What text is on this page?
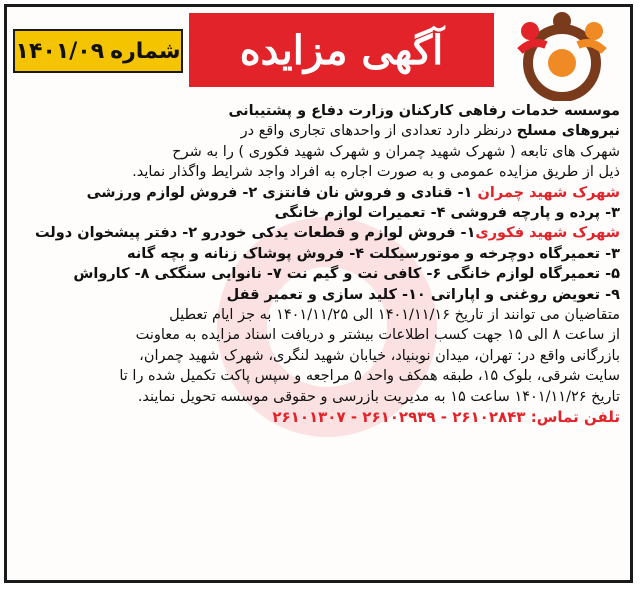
شماره
۱۴۰۱/۰۹	آگهی مزایده

موسسه خدمات رفاهی کارکنان وزارت دفاع و پشتیبانی

نیروهای مسلح درنظر دارد تعدادی از واحدهای تجاری واقع در

شهرک های تابعه ( شهرک شهید چمران و شهرک شهید فکوری ) را به شرح

ذیل از طریق مزایده عمومی و به صورت اجاره به افراد واجد شرایط واگذار نماید.

شهرک شهید چمران ۱- قنادی و فروش نان فانتزی ۲- فروش لوازم ورزشی

۳- پرده و پارچه فروشی ۴- تعمیرات لوازم خانگی

شهرک شهید فکوری۱- فروش لوازم و قطعات یدکی خودرو ۲- دفتر پیشخوان دولت

۳- تعمیرگاه دوچرخه و موتورسیکلت ۴- فروش پوشاک زنانه و بچه گانه

۵- تعمیرگاه لوازم خانگی ۶- کافی نت و گیم نت ۷- نانوایی سنگکی ۸- کارواش

۹- تعویض روغنی و اپاراتی ۱۰- کلید سازی و تعمیر قفل

متقاضیان می توانند از تاریخ ۱۴۰۱/۱۱/۱۶ الی ۱۴۰۱/۱۱/۲۵ به جز ایام تعطیل

از ساعت ۸ الی ۱۵ جهت کسب اطلاعات بیشتر و دریافت اسناد مزایده به معاونت

بازرگانی واقع در: تهران، میدان نوبنیاد، خیابان شهید لنگری، شهرک شهید چمران،

سایت شرقی، بلوک ۱۵، طبقه همکف واحد ۵ مراجعه و سپس پاکت تکمیل شده را تا

تاریخ ۱۴۰۱/۱۱/۲۶ ساعت ۱۵ به مدیریت بازرسی و حقوقی موسسه تحویل نمایند.

تلفن تماس: ۲۶۱۰۲۸۴۳ - ۲۶۱۰۲۹۳۹ - ۲۶۱۰۱۳۰۷
